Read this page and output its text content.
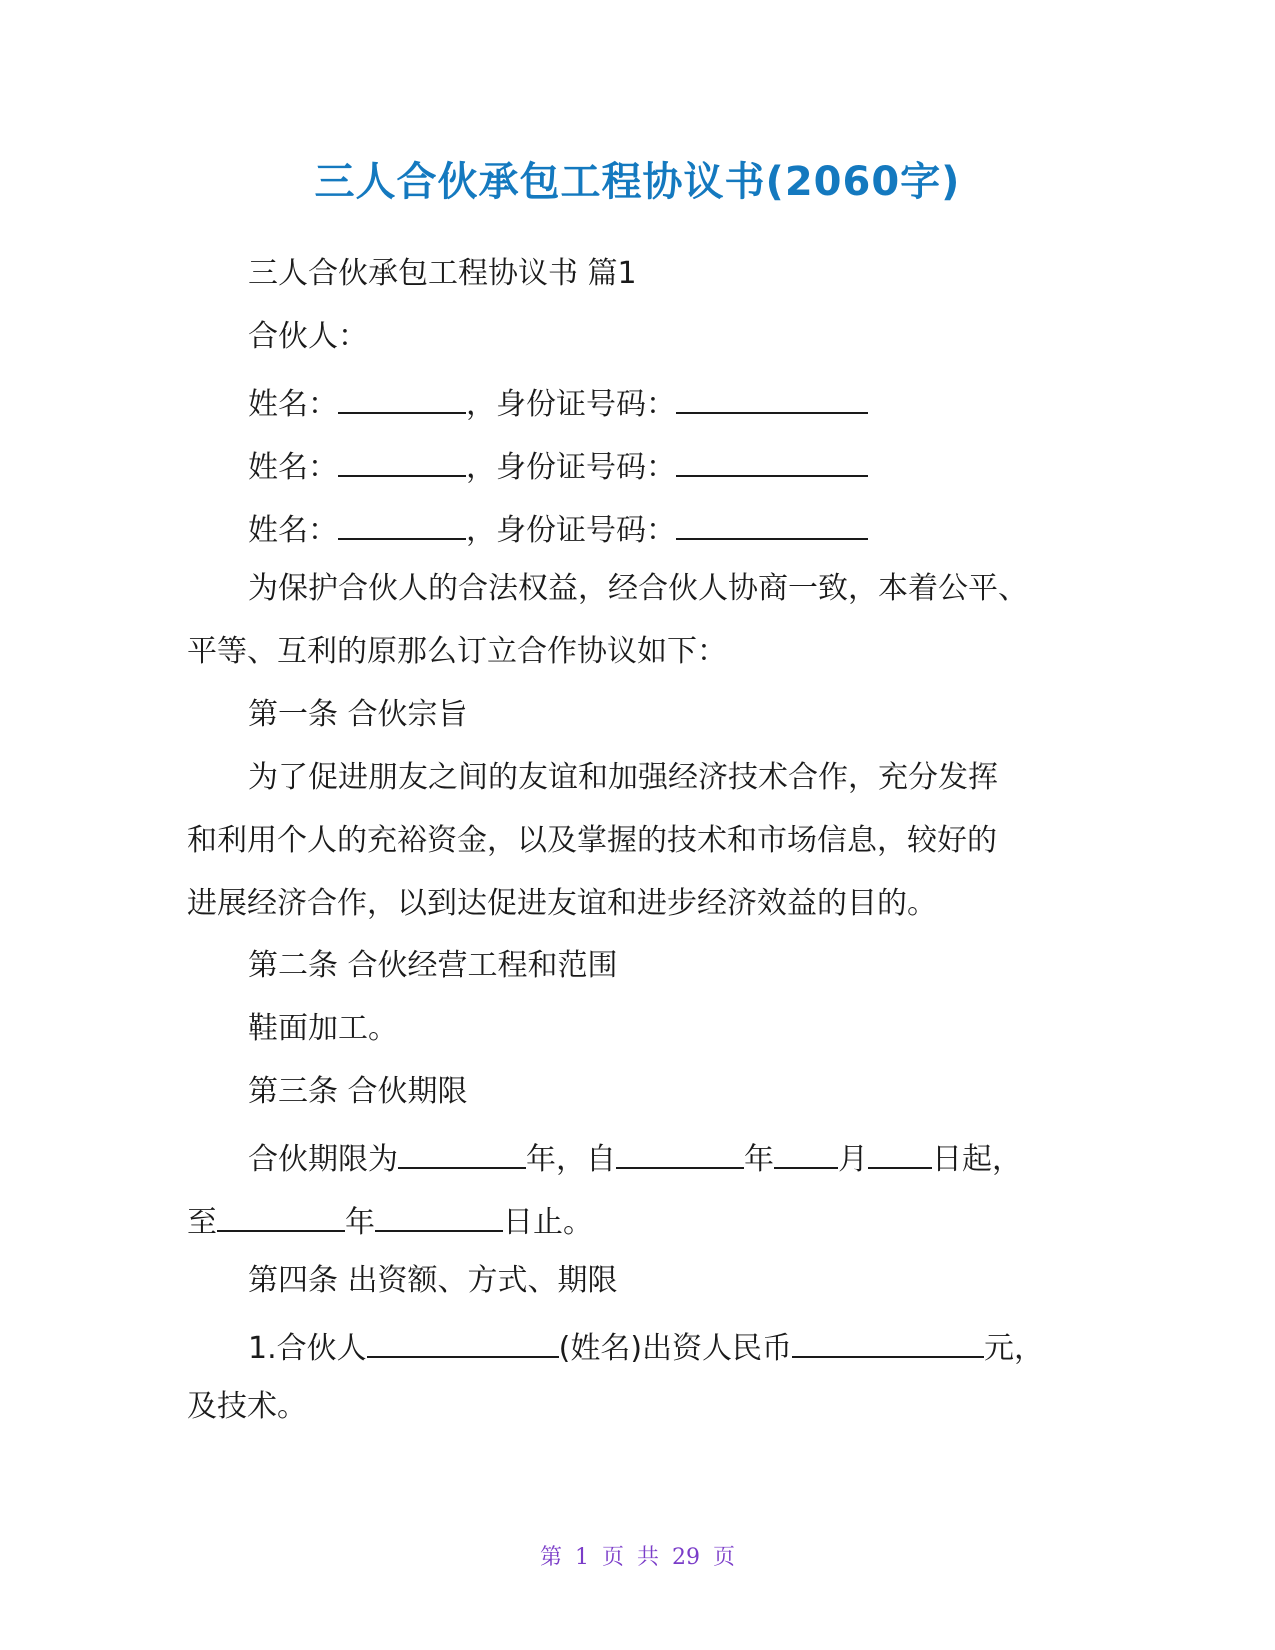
三人合伙承包工程协议书(2060字)
三人合伙承包工程协议书 篇1
合伙人：
姓名：	，身份证号码：
姓名：	，身份证号码：
姓名：	，身份证号码：
为保护合伙人的合法权益，经合伙人协商一致，本着公平、
平等、互利的原那么订立合作协议如下：
第一条 合伙宗旨
为了促进朋友之间的友谊和加强经济技术合作，充分发挥
和利用个人的充裕资金，以及掌握的技术和市场信息，较好的
进展经济合作，以到达促进友谊和进步经济效益的目的。
第二条 合伙经营工程和范围
鞋面加工。
第三条 合伙期限
合伙期限为	年，自	年 月 日起，
至	年	日止。
第四条 出资额、方式、期限
1.合伙人	(姓名)出资人民币	元，
及技术。
第 1 页 共 29 页
